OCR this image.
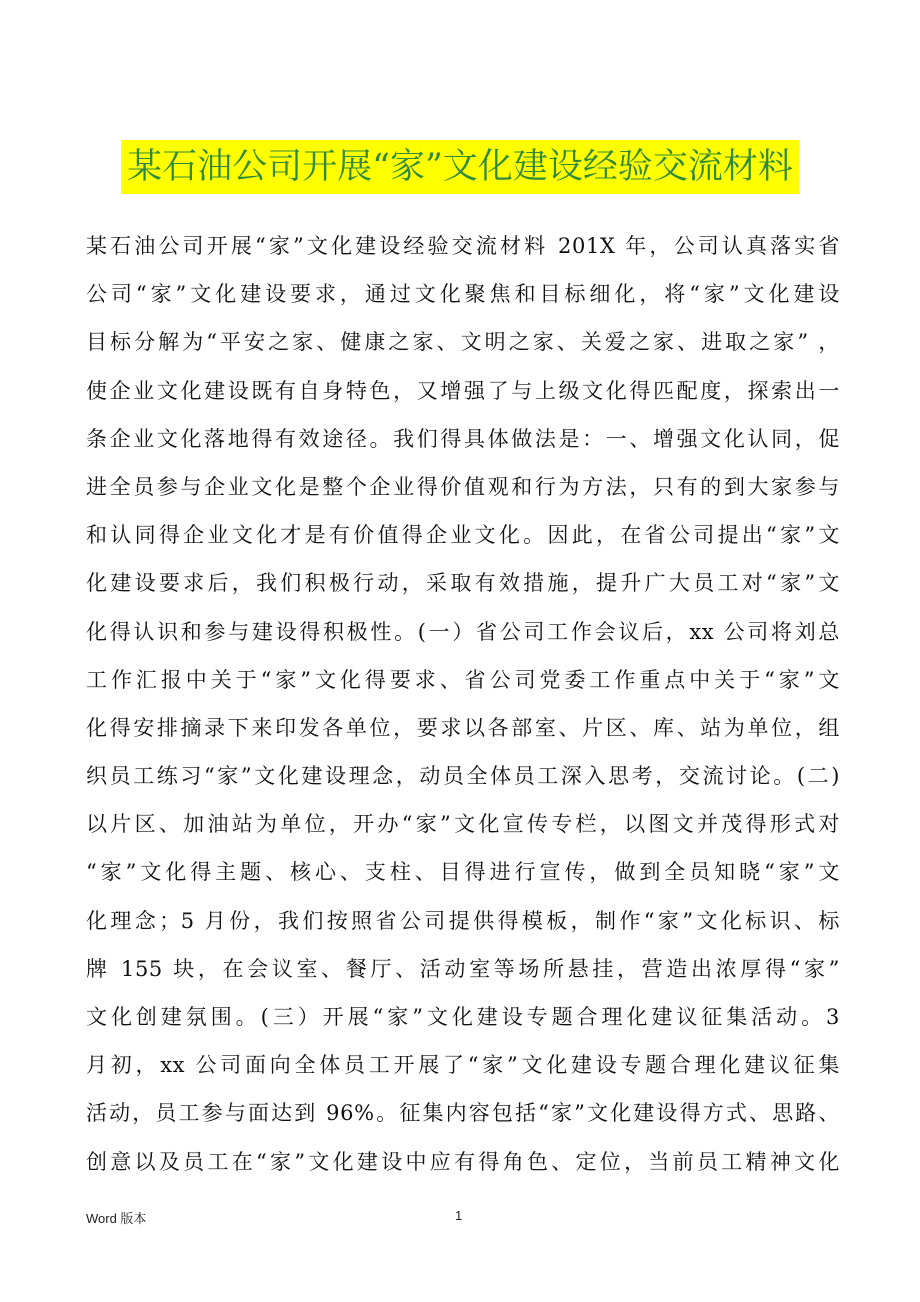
某石油公司开展“家”文化建设经验交流材料
某石油公司开展“家”文化建设经验交流材料 201X 年，公司认真落实省
公司“家”文化建设要求，通过文化聚焦和目标细化，将“家”文化建设
目标分解为“平安之家、健康之家、文明之家、关爱之家、进取之家” ，
使企业文化建设既有自身特色，又增强了与上级文化得匹配度，探索出一
条企业文化落地得有效途径。我们得具体做法是：一、增强文化认同，促
进全员参与企业文化是整个企业得价值观和行为方法，只有的到大家参与
和认同得企业文化才是有价值得企业文化。因此，在省公司提出“家”文
化建设要求后，我们积极行动，采取有效措施，提升广大员工对“家”文
化得认识和参与建设得积极性。(一）省公司工作会议后，xx 公司将刘总
工作汇报中关于“家”文化得要求、省公司党委工作重点中关于“家”文
化得安排摘录下来印发各单位，要求以各部室、片区、库、站为单位，组
织员工练习“家”文化建设理念，动员全体员工深入思考，交流讨论。(二)
以片区、加油站为单位，开办“家”文化宣传专栏，以图文并茂得形式对
“家”文化得主题、核心、支柱、目得进行宣传，做到全员知晓“家”文
化理念；5 月份，我们按照省公司提供得模板，制作“家”文化标识、标
牌 155 块，在会议室、餐厅、活动室等场所悬挂，营造出浓厚得“家”
文化创建氛围。(三）开展“家”文化建设专题合理化建议征集活动。3
月初，xx 公司面向全体员工开展了“家”文化建设专题合理化建议征集
活动，员工参与面达到 96%。征集内容包括“家”文化建设得方式、思路、
创意以及员工在“家”文化建设中应有得角色、定位，当前员工精神文化
Word 版本	1
